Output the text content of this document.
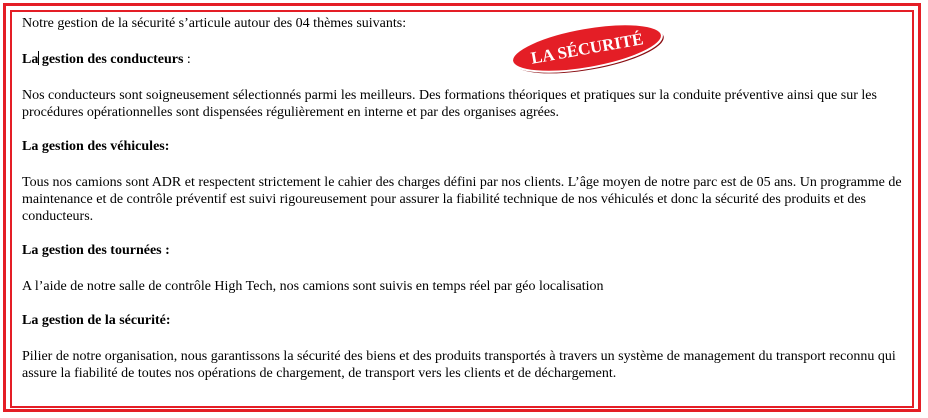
LA SÉCURITÉ

Notre gestion de la sécurité s’articule autour des 04 thèmes suivants:

La gestion des conducteurs :

Nos conducteurs sont soigneusement sélectionnés parmi les meilleurs. Des formations théoriques et pratiques sur la conduite préventive ainsi que sur les procédures opérationnelles sont dispensées régulièrement en interne et par des organises agrées.

La gestion des véhicules:

Tous nos camions sont ADR et respectent strictement le cahier des charges défini par nos clients. L’âge moyen de notre parc est de 05 ans. Un programme de maintenance et de contrôle préventif est suivi rigoureusement pour assurer la fiabilité technique de nos véhiculés et donc la sécurité des produits et des conducteurs.

La gestion des tournées :

A l’aide de notre salle de contrôle High Tech, nos camions sont suivis en temps réel par géo localisation

La gestion de la sécurité:

Pilier de notre organisation, nous garantissons la sécurité des biens et des produits transportés à travers un système de management du transport reconnu qui assure la fiabilité de toutes nos opérations de chargement, de transport vers les clients et de déchargement.
